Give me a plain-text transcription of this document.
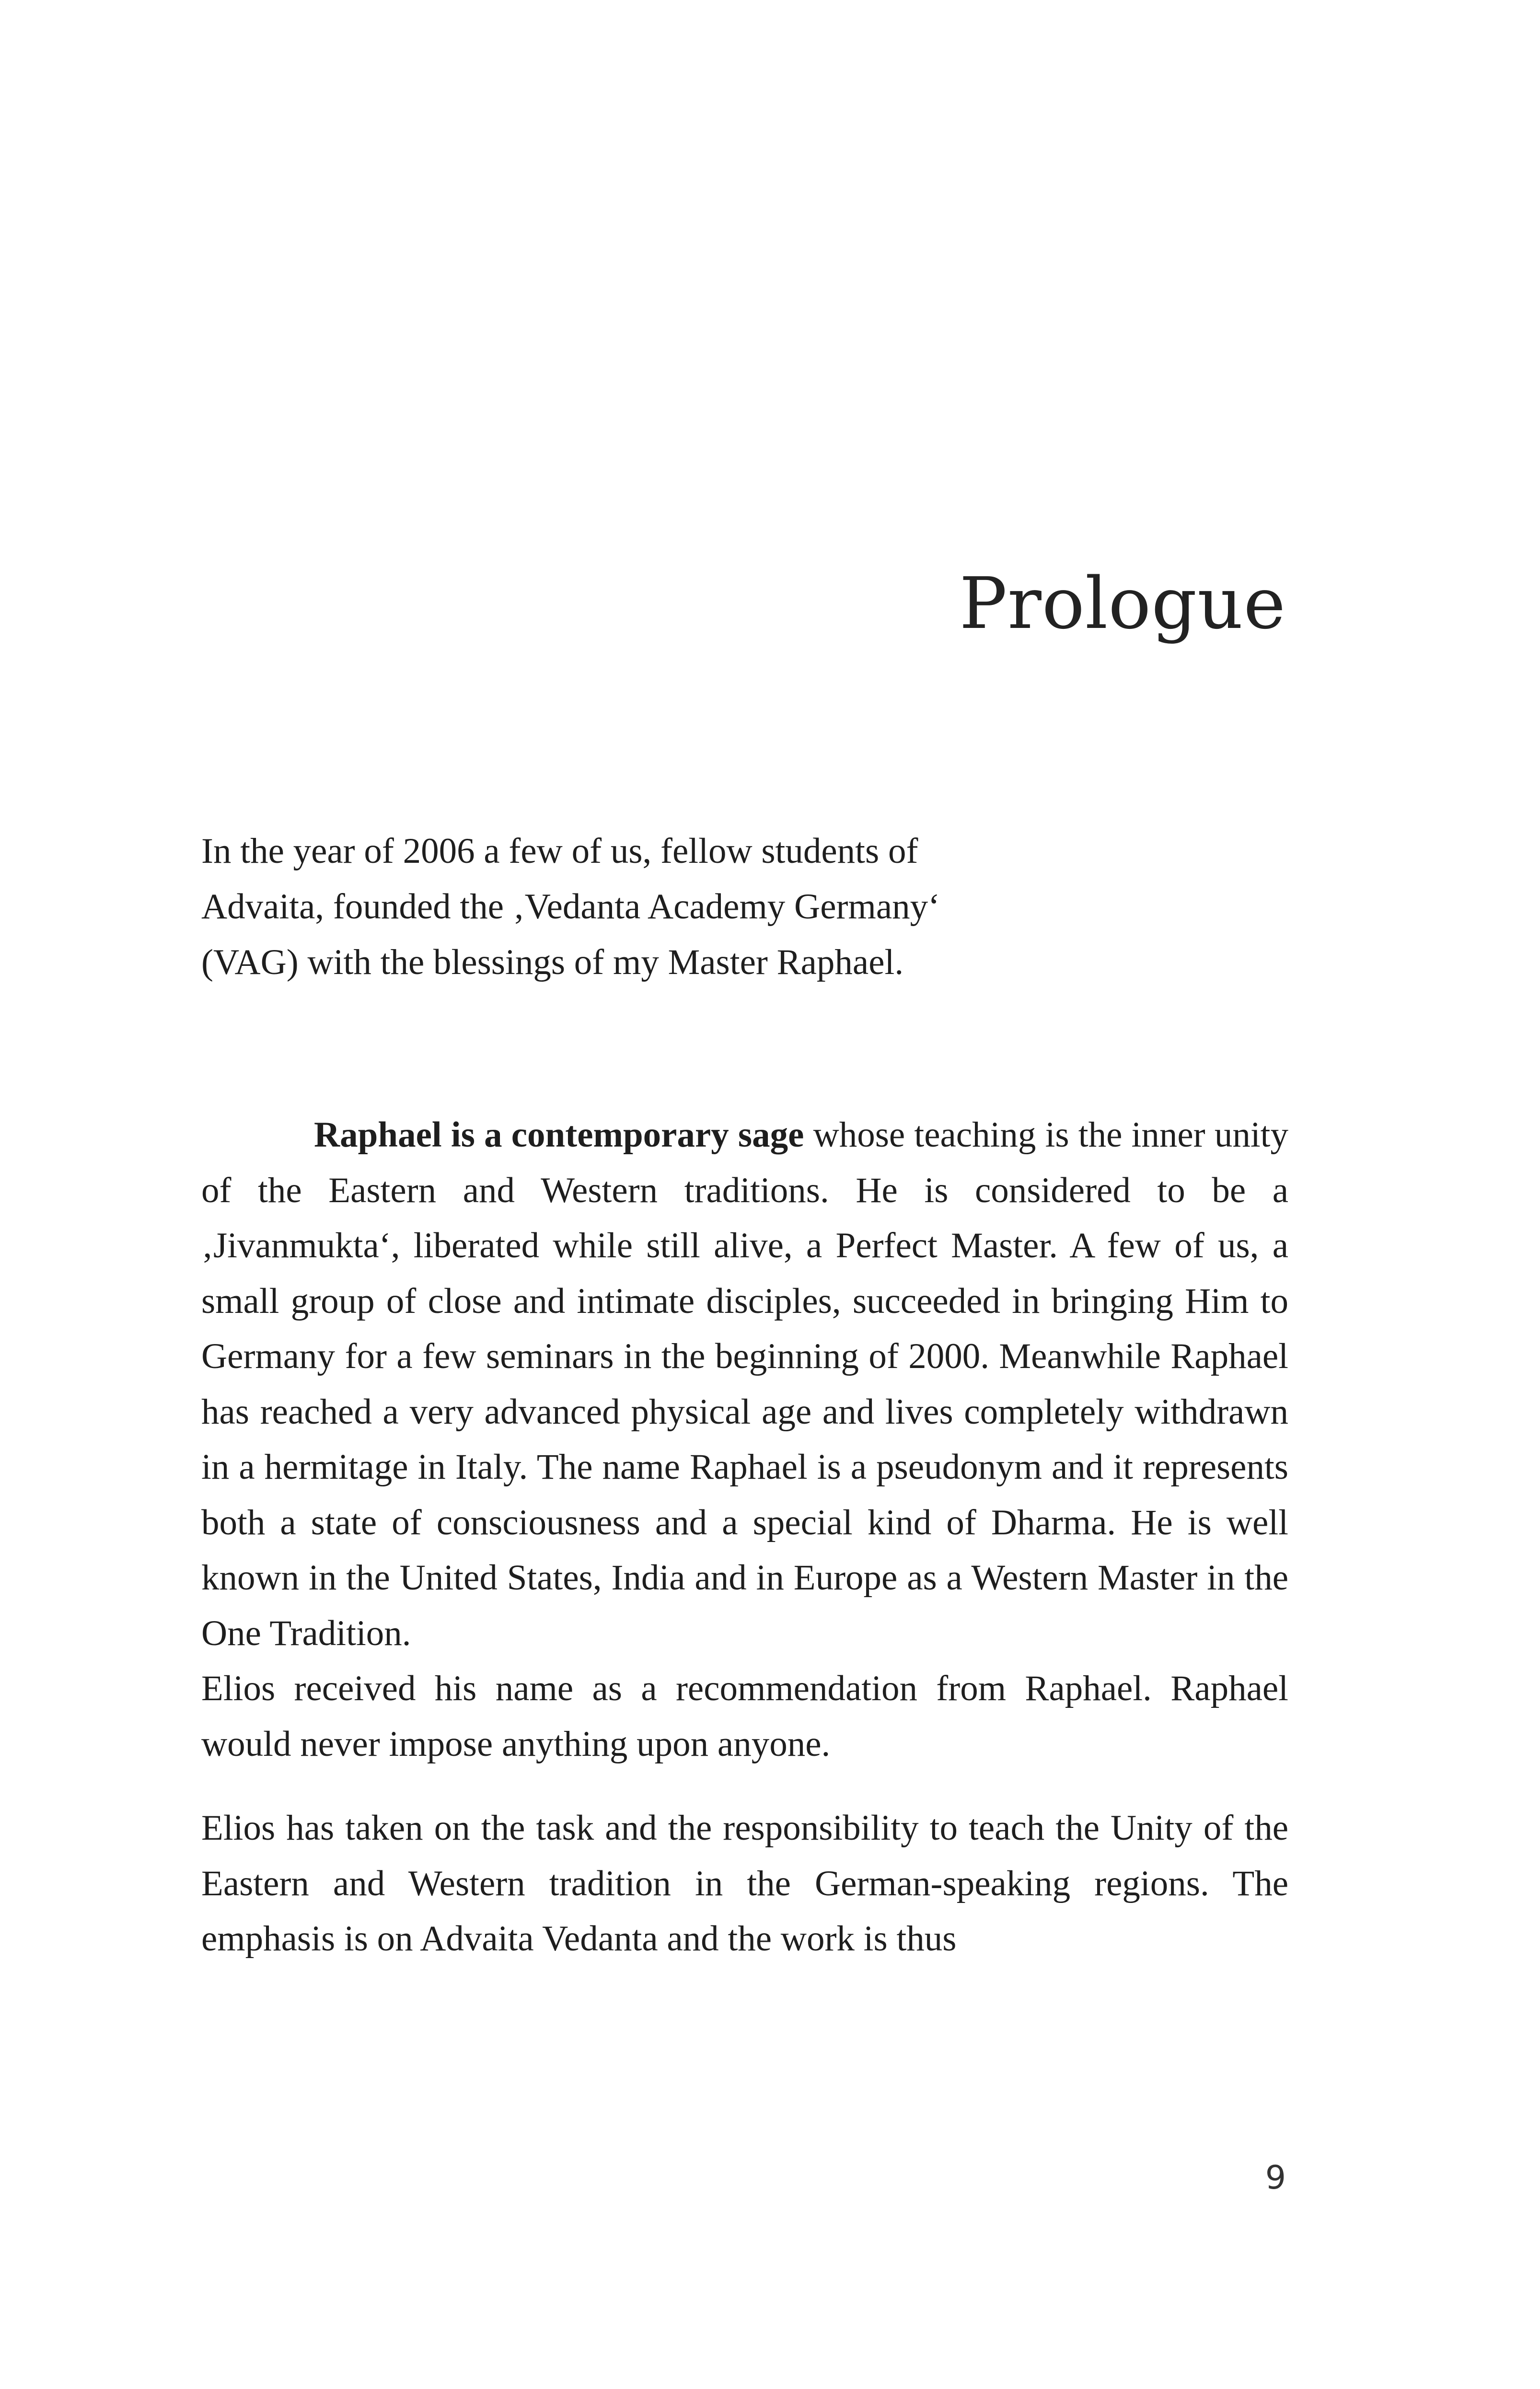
Prologue

In the year of 2006 a few of us, fellow students of
Advaita, founded the ‚Vedanta Academy Germany‘
(VAG) with the blessings of my Master Raphael.

Raphael is a contemporary sage whose teaching is the inner unity of the Eastern and Western traditions. He is considered to be a ‚Jivanmukta‘, liberated while still alive, a Perfect Master. A few of us, a small group of close and intimate disciples, succeeded in bringing Him to Germany for a few seminars in the beginning of 2000. Meanwhile Raphael has reached a very advanced physical age and lives completely withdrawn in a hermitage in Italy. The name Raphael is a pseudonym and it represents both a state of consciousness and a special kind of Dharma. He is well known in the United States, India and in Europe as a Western Master in the One Tradition.

Elios received his name as a recommendation from Raphael. Raphael would never impose anything upon anyone.

Elios has taken on the task and the responsibility to teach the Unity of the Eastern and Western tradition in the German-speaking regions. The emphasis is on Advaita Vedanta and the work is thus

9
